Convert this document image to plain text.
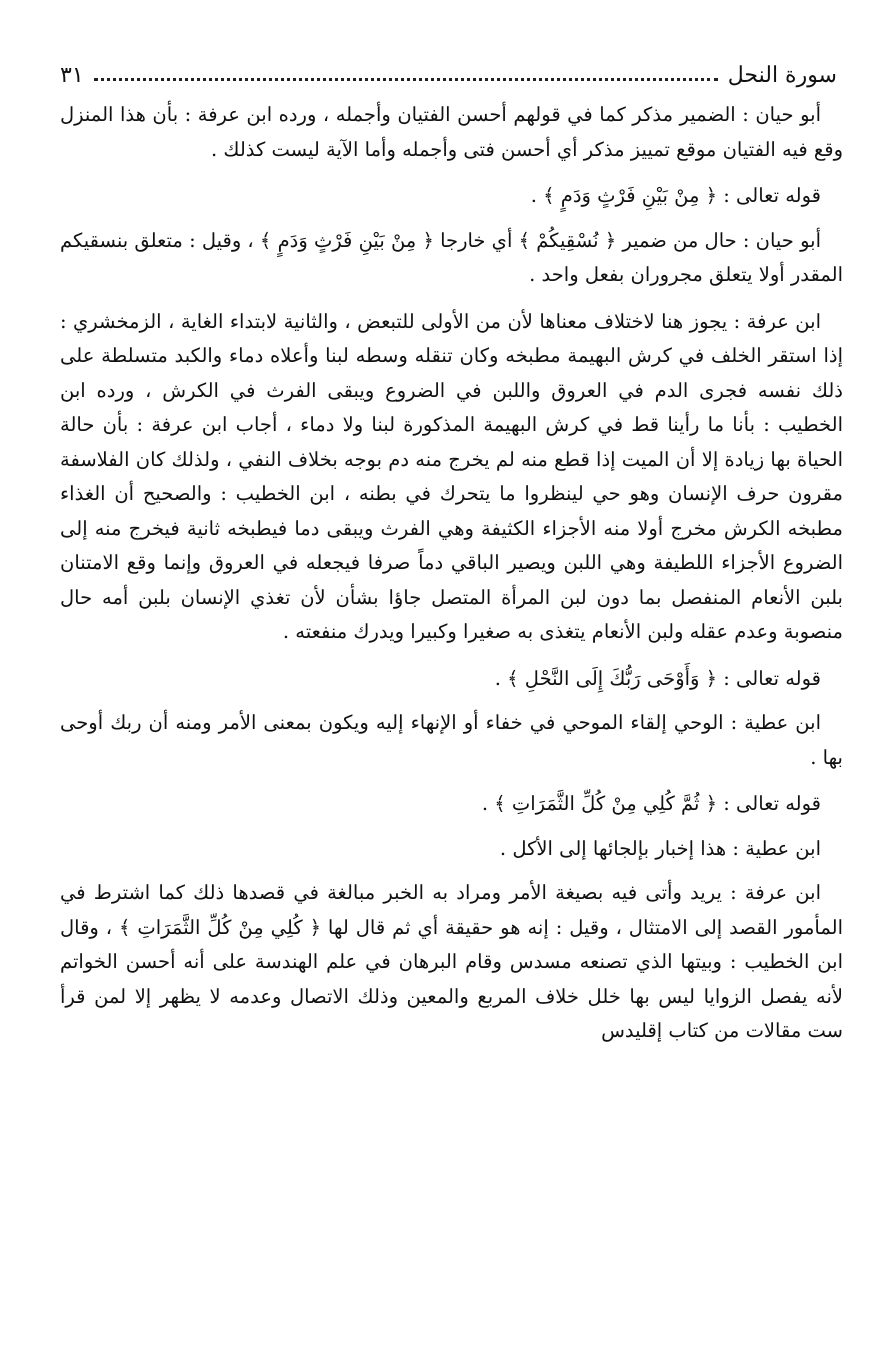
سورة النحل
٣١

أبو حيان : الضمير مذكر كما في قولهم أحسن الفتيان وأجمله ، ورده ابن عرفة : بأن هذا المنزل وقع فيه الفتيان موقع تمييز مذكر أي أحسن فتى وأجمله وأما الآية ليست كذلك .

قوله تعالى : ﴿ مِنْ بَيْنِ فَرْثٍ وَدَمٍ ﴾ .

أبو حيان : حال من ضمير ﴿ نُسْقِيكُمْ ﴾ أي خارجا ﴿ مِنْ بَيْنِ فَرْثٍ وَدَمٍ ﴾ ، وقيل : متعلق بنسقيكم المقدر أولا يتعلق مجروران بفعل واحد .

ابن عرفة : يجوز هنا لاختلاف معناها لأن من الأولى للتبعض ، والثانية لابتداء الغاية ، الزمخشري : إذا استقر الخلف في كرش البهيمة مطبخه وكان تنقله وسطه لبنا وأعلاه دماء والكبد متسلطة على ذلك نفسه فجرى الدم في العروق واللبن في الضروع ويبقى الفرث في الكرش ، ورده ابن الخطيب : بأنا ما رأينا قط في كرش البهيمة المذكورة لبنا ولا دماء ، أجاب ابن عرفة : بأن حالة الحياة بها زيادة إلا أن الميت إذا قطع منه لم يخرج منه دم بوجه بخلاف النفي ، ولذلك كان الفلاسفة مقرون حرف الإنسان وهو حي لينظروا ما يتحرك في بطنه ، ابن الخطيب : والصحيح أن الغذاء مطبخه الكرش مخرج أولا منه الأجزاء الكثيفة وهي الفرث ويبقى دما فيطبخه ثانية فيخرج منه إلى الضروع الأجزاء اللطيفة وهي اللبن ويصير الباقي دماً صرفا فيجعله في العروق وإنما وقع الامتنان بلبن الأنعام المنفصل بما دون لبن المرأة المتصل جاؤا بشأن لأن تغذي الإنسان بلبن أمه حال منصوبة وعدم عقله ولبن الأنعام يتغذى به صغيرا وكبيرا ويدرك منفعته .

قوله تعالى : ﴿ وَأَوْحَى رَبُّكَ إِلَى النَّحْلِ ﴾ .

ابن عطية : الوحي إلقاء الموحي في خفاء أو الإنهاء إليه ويكون بمعنى الأمر ومنه أن ربك أوحى بها .

قوله تعالى : ﴿ ثُمَّ كُلِي مِنْ كُلِّ الثَّمَرَاتِ ﴾ .

ابن عطية : هذا إخبار بإلجائها إلى الأكل .

ابن عرفة : يريد وأتى فيه بصيغة الأمر ومراد به الخبر مبالغة في قصدها ذلك كما اشترط في المأمور القصد إلى الامتثال ، وقيل : إنه هو حقيقة أي ثم قال لها ﴿ كُلِي مِنْ كُلِّ الثَّمَرَاتِ ﴾ ، وقال ابن الخطيب : وبيتها الذي تصنعه مسدس وقام البرهان في علم الهندسة على أنه أحسن الخواتم لأنه يفصل الزوايا ليس بها خلل خلاف المربع والمعين وذلك الاتصال وعدمه لا يظهر إلا لمن قرأ ست مقالات من كتاب إقليدس
